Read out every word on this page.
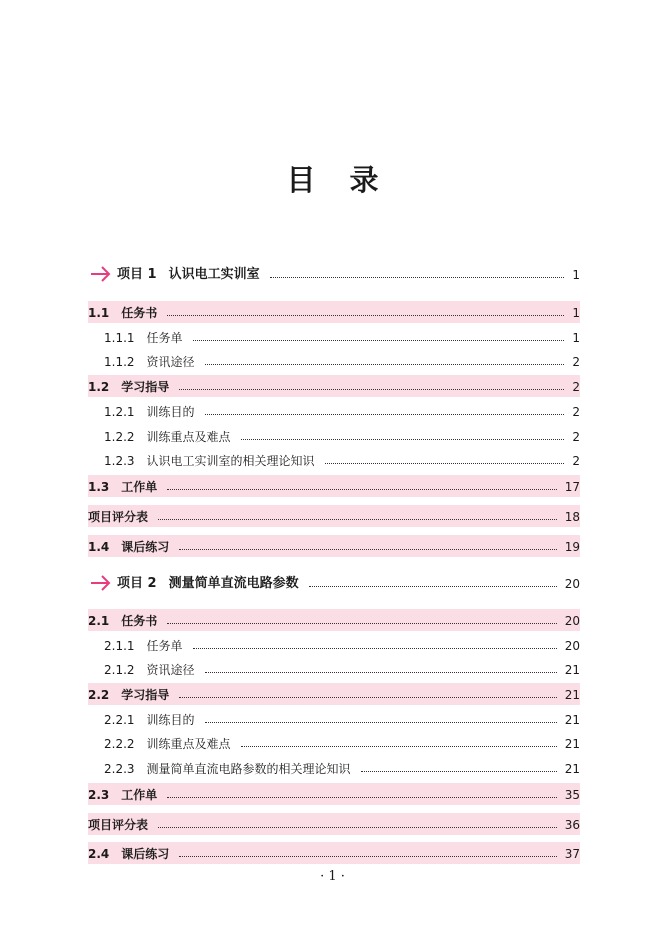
目录
项目 1 认识电工实训室	1
1.1 任务书	1
1.1.1 任务单	1
1.1.2 资讯途径	2
1.2 学习指导	2
1.2.1 训练目的	2
1.2.2 训练重点及难点	2
1.2.3 认识电工实训室的相关理论知识	2
1.3 工作单	17
项目评分表	18
1.4 课后练习	19
项目 2 测量简单直流电路参数	20
2.1 任务书	20
2.1.1 任务单	20
2.1.2 资讯途径	21
2.2 学习指导	21
2.2.1 训练目的	21
2.2.2 训练重点及难点	21
2.2.3 测量简单直流电路参数的相关理论知识	21
2.3 工作单	35
项目评分表	36
2.4 课后练习	37
· 1 ·
